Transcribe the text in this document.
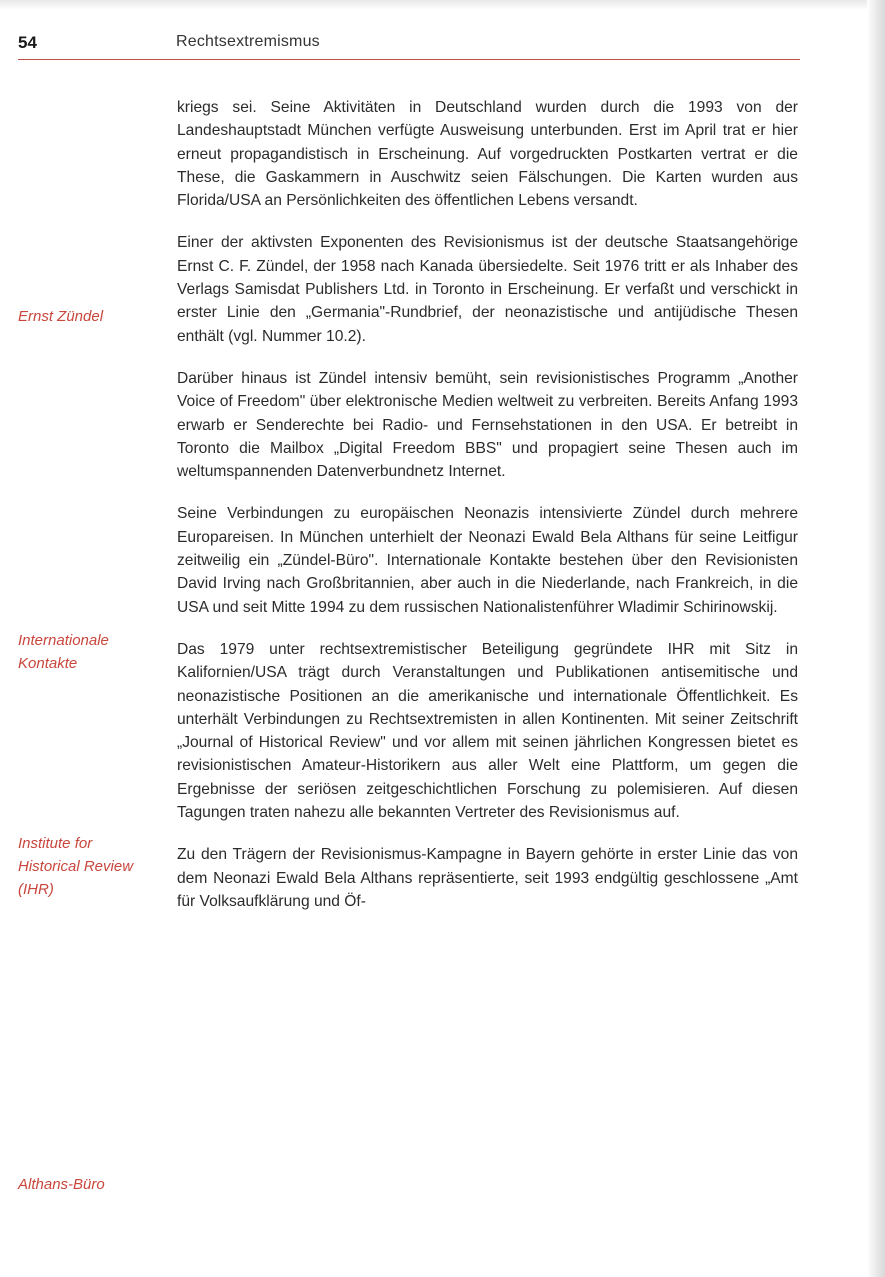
54	Rechtsextremismus
Ernst Zündel
Internationale Kontakte
Institute for Historical Review (IHR)
Althans-Büro

kriegs sei. Seine Aktivitäten in Deutschland wurden durch die 1993 von der Landeshauptstadt München verfügte Ausweisung unterbunden. Erst im April trat er hier erneut propagandistisch in Erscheinung. Auf vorgedruckten Postkarten vertrat er die These, die Gaskammern in Auschwitz seien Fälschungen. Die Karten wurden aus Florida/USA an Persönlichkeiten des öffentlichen Lebens versandt.

Einer der aktivsten Exponenten des Revisionismus ist der deutsche Staatsangehörige Ernst C. F. Zündel, der 1958 nach Kanada übersiedelte. Seit 1976 tritt er als Inhaber des Verlags Samisdat Publishers Ltd. in Toronto in Erscheinung. Er verfaßt und verschickt in erster Linie den „Germania"-Rundbrief, der neonazistische und antijüdische Thesen enthält (vgl. Nummer 10.2).

Darüber hinaus ist Zündel intensiv bemüht, sein revisionistisches Programm „Another Voice of Freedom" über elektronische Medien weltweit zu verbreiten. Bereits Anfang 1993 erwarb er Senderechte bei Radio- und Fernsehstationen in den USA. Er betreibt in Toronto die Mailbox „Digital Freedom BBS" und propagiert seine Thesen auch im weltumspannenden Datenverbundnetz Internet.

Seine Verbindungen zu europäischen Neonazis intensivierte Zündel durch mehrere Europareisen. In München unterhielt der Neonazi Ewald Bela Althans für seine Leitfigur zeitweilig ein „Zündel-Büro". Internationale Kontakte bestehen über den Revisionisten David Irving nach Großbritannien, aber auch in die Niederlande, nach Frankreich, in die USA und seit Mitte 1994 zu dem russischen Nationalistenführer Wladimir Schirinowskij.

Das 1979 unter rechtsextremistischer Beteiligung gegründete IHR mit Sitz in Kalifornien/USA trägt durch Veranstaltungen und Publikationen antisemitische und neonazistische Positionen an die amerikanische und internationale Öffentlichkeit. Es unterhält Verbindungen zu Rechtsextremisten in allen Kontinenten. Mit seiner Zeitschrift „Journal of Historical Review" und vor allem mit seinen jährlichen Kongressen bietet es revisionistischen Amateur-Historikern aus aller Welt eine Plattform, um gegen die Ergebnisse der seriösen zeitgeschichtlichen Forschung zu polemisieren. Auf diesen Tagungen traten nahezu alle bekannten Vertreter des Revisionismus auf.

Zu den Trägern der Revisionismus-Kampagne in Bayern gehörte in erster Linie das von dem Neonazi Ewald Bela Althans repräsentierte, seit 1993 endgültig geschlossene „Amt für Volksaufklärung und Öf-
